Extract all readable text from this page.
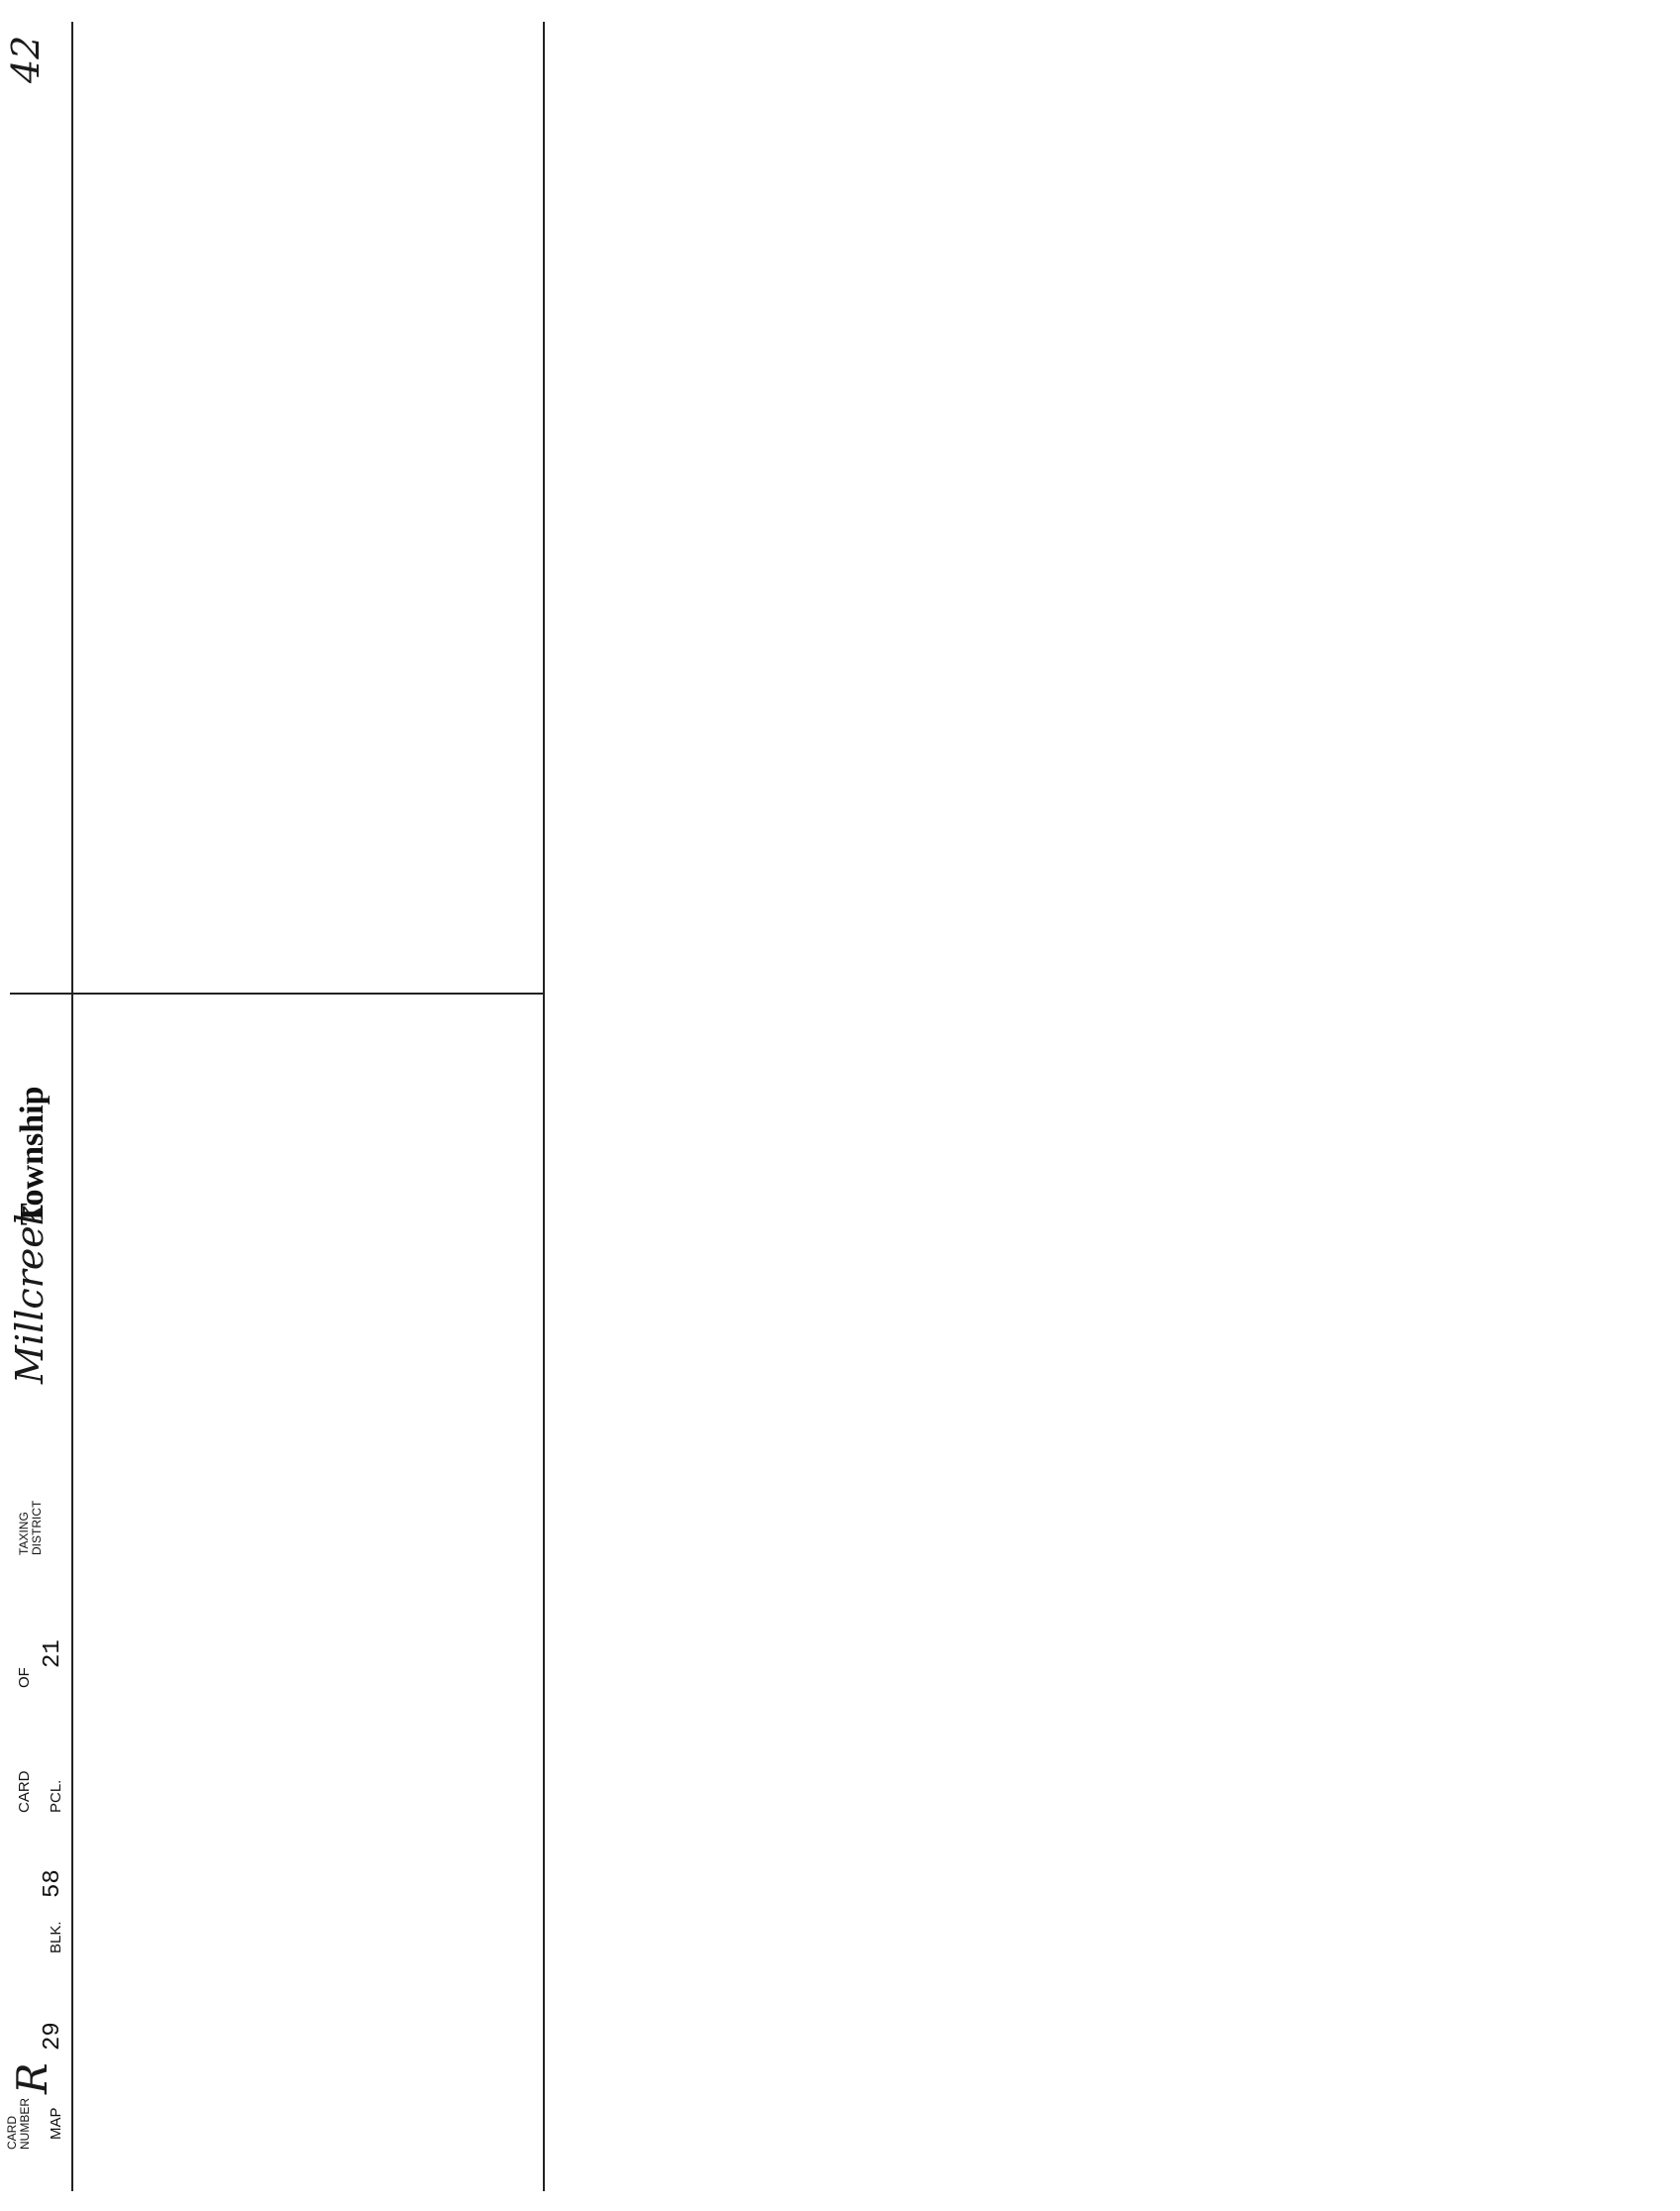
CARD
NUMBER
R
MAP
29
BLK.
58
CARD
OF
PCL.
21
TAXING
DISTRICT
Millcreek
Township
42
